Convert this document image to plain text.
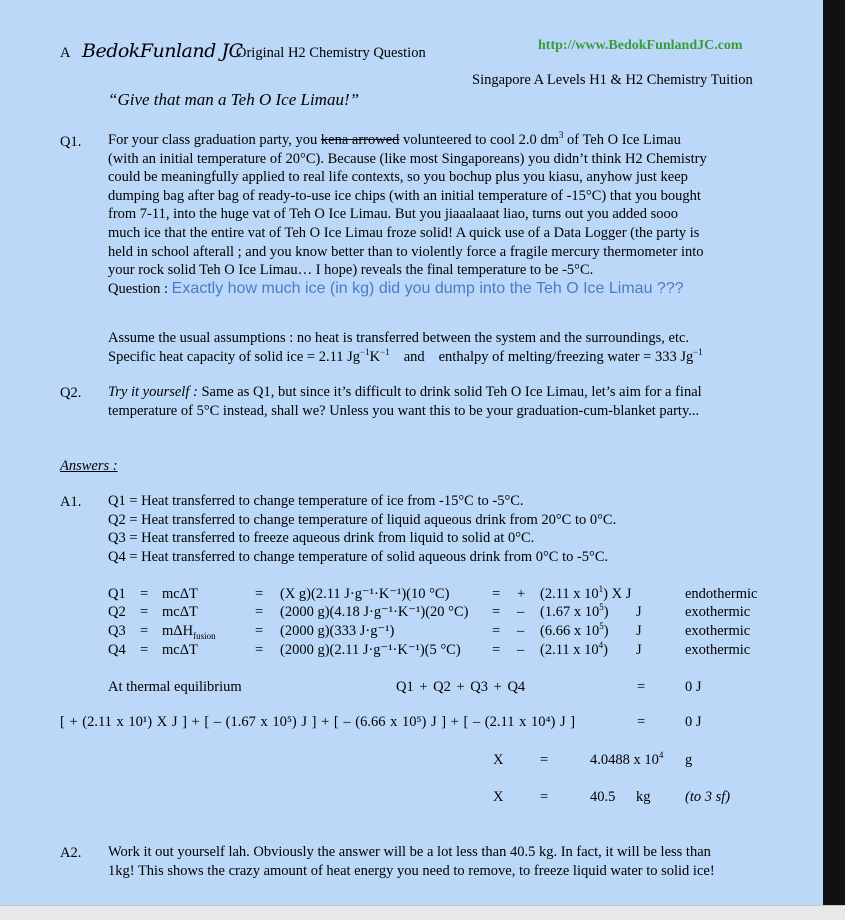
A BedokFunland JC
Original H2 Chemistry Question	http://www.BedokFunlandJC.com
Singapore A Levels H1 & H2 Chemistry Tuition
“Give that man a Teh O Ice Limau!”
Q1. For your class graduation party, you kena arrowed volunteered to cool 2.0 $dm^3$ of Teh O Ice Limau
(with an initial temperature of 20°C). Because (like most Singaporeans) you didn’t think H2 Chemistry
could be meaningfully applied to real life contexts, so you bochup plus you kiasu, anyhow just keep
dumping bag after bag of ready-to-use ice chips (with an initial temperature of -15°C) that you bought
from 7-11, into the huge vat of Teh O Ice Limau. But you jiaaalaaat liao, turns out you added sooo
much ice that the entire vat of Teh O Ice Limau froze solid! A quick use of a Data Logger (the party is
held in school afterall ; and you know better than to violently force a fragile mercury thermometer into
your rock solid Teh O Ice Limau… I hope) reveals the final temperature to be -5°C.
Question : Exactly how much ice (in kg) did you dump into the Teh O Ice Limau ???
Assume the usual assumptions : no heat is transferred between the system and the surroundings, etc.
Specific heat capacity of solid ice = 2.11 $Jg^{-1}K^{-1}$ and enthalpy of melting/freezing water = 333 $Jg^{-1}$
Q2. Try it yourself : Same as Q1, but since it’s difficult to drink solid Teh O Ice Limau, let’s aim for a final
temperature of 5°C instead, shall we? Unless you want this to be your graduation-cum-blanket party...
Answers :
A1. Q1 = Heat transferred to change temperature of ice from -15°C to -5°C.
Q2 = Heat transferred to change temperature of liquid aqueous drink from 20°C to 0°C.
Q3 = Heat transferred to freeze aqueous drink from liquid to solid at 0°C.
Q4 = Heat transferred to change temperature of solid aqueous drink from 0°C to -5°C.
At thermal equilibrium	Q1 + Q2 + Q3 + Q4	=	0 J
[ + (2.11 x 10¹) X J ] + [ – (1.67 x 10⁵) J ] + [ – (6.66 x 10⁵) J ] + [ – (2.11 x 10⁴) J ]	=	0 J
X	=	4.0488 x $10^4$ g
X	=	40.5 kg (to 3 sf)
A2. Work it out yourself lah. Obviously the answer will be a lot less than 40.5 kg. In fact, it will be less than
1kg! This shows the crazy amount of heat energy you need to remove, to freeze liquid water to solid ice!
Q1 = mcΔT	= (X g)(2.11 J·g⁻¹·K⁻¹)(10 °C)	= + (2.11 x $10^1$) X J	endothermic
Q2 = mcΔT	= (2000 g)(4.18 J·g⁻¹·K⁻¹)(20 °C) = – (1.67 x $10^5$) J	exothermic
Q3 = mΔH$_{fusion}$	= (2000 g)(333 J·g⁻¹)	= – (6.66 x $10^5$) J	exothermic
Q4 = mcΔT	= (2000 g)(2.11 J·g⁻¹·K⁻¹)(5 °C) = – (2.11 x $10^4$) J	exothermic
